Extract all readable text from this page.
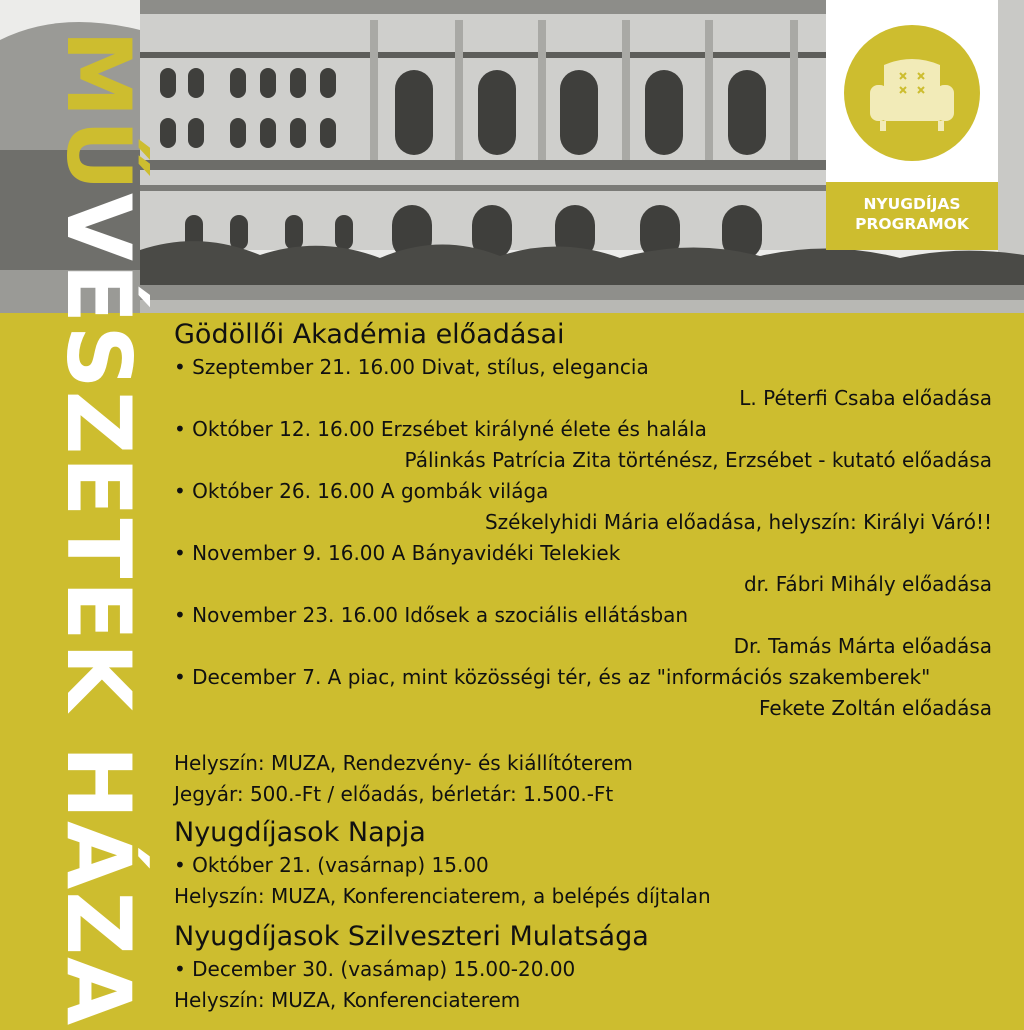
MŰVÉSZETEK HÁZA	NYUGDÍJAS
PROGRAMOK
Gödöllői Akadémia előadásai
• Szeptember 21. 16.00 Divat, stílus, elegancia
L. Péterfi Csaba előadása
• Október 12. 16.00 Erzsébet királyné élete és halála
Pálinkás Patrícia Zita történész, Erzsébet - kutató előadása
• Október 26. 16.00 A gombák világa
Székelyhidi Mária előadása, helyszín: Királyi Váró!!
• November 9. 16.00 A Bányavidéki Telekiek
dr. Fábri Mihály előadása
• November 23. 16.00 Idősek a szociális ellátásban
Dr. Tamás Márta előadása
• December 7. A piac, mint közösségi tér, és az "információs szakemberek"
Fekete Zoltán előadása
Helyszín: MUZA, Rendezvény- és kiállítóterem
Jegyár: 500.-Ft / előadás, bérletár: 1.500.-Ft
Nyugdíjasok Napja
• Október 21. (vasárnap) 15.00
Helyszín: MUZA, Konferenciaterem, a belépés díjtalan
Nyugdíjasok Szilveszteri Mulatsága
• December 30. (vasámap) 15.00-20.00
Helyszín: MUZA, Konferenciaterem
